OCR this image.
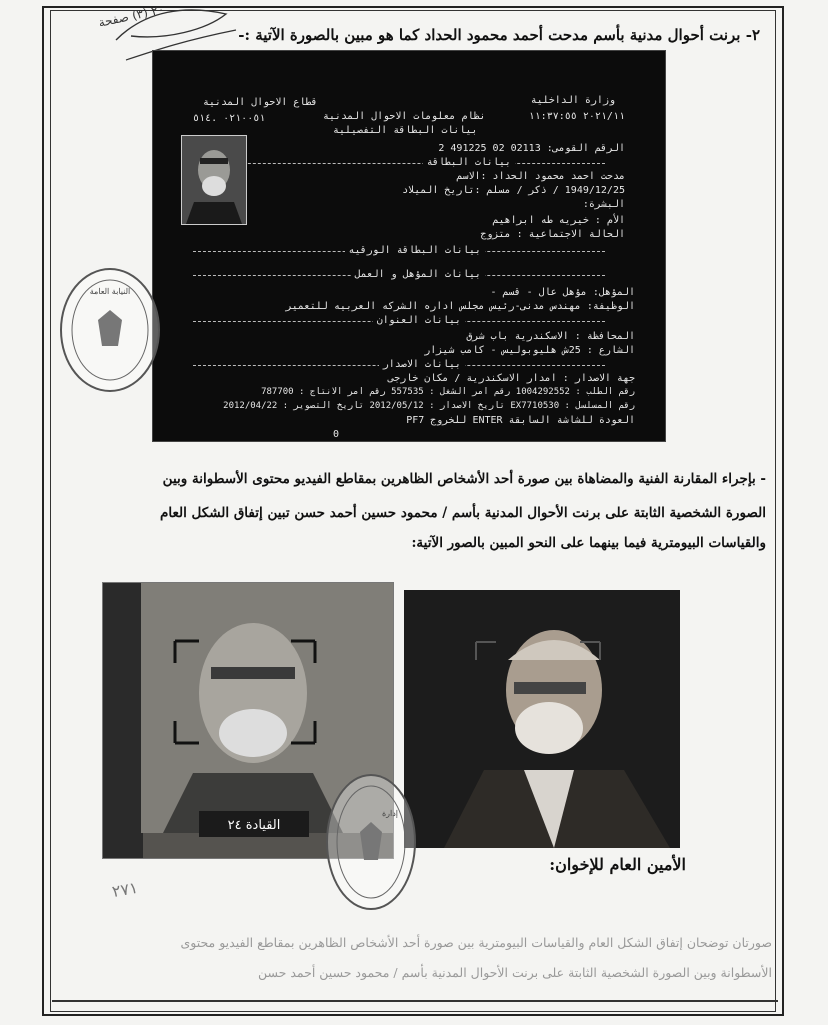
٢٠ (٣) صفحة
٢- برنت أحوال مدنية بأسم مدحت أحمد محمود الحداد كما هو مبين بالصورة الآتية :-
وزارة الداخلية
قطاع الاحوال المدنية
٢٠٢١/١١ ١١:٣٧:٥٥
نظام معلومات الاحوال المدنية
٠٢١٠٠٥١ .٥١٤
بيانات البطاقة التفصيلية
2 491225 02 02113 :الرقم القومى
بيانات البطاقة
مدحت احمد محمود الحداد :الاسم
1949/12/25 / ذكر / مسلم :تاريخ الميلاد
البشرة:
الأم : خيريه طه ابراهيم
الحالة الاجتماعية : متزوج
بيانات البطاقة الورقيه
بيانات المؤهل و العمل
المؤهل: مؤهل عال - قسم -
الوظيفة: مهندس مدنى-رئيس مجلس اداره الشركه العربيه للتعمير
بيانات العنوان
المحافظة : الاسكندرية باب شرق
الشارع : 25ش هليوبوليس - كامب شيزار
بيانات الاصدار
جهة الاصدار : امدار الاسكندرية / مكان خارجى
رقم الطلب : 1004292552 رقم امر الشغل : 557535 رقم امر الانتاج : 787700
رقم المسلسل : EX7710530 تاريخ الاصدار : 2012/05/12 تاريخ التصوير : 2012/04/22
العودة للشاشة السابقة ENTER للخروج PF7
0
النيابة العامة
- بإجراء المقارنة الفنية والمضاهاة بين صورة أحد الأشخاص الظاهرين بمقاطع الفيديو محتوى الأسطوانة وبين
الصورة الشخصية الثابتة على برنت الأحوال المدنية بأسم / محمود حسين أحمد حسن تبين إتفاق الشكل العام
والقياسات البيومترية فيما بينهما على النحو المبين بالصور الآتية:
القيادة ٢٤
الأمين العام للإخوان:
إدارة
٢٧١
صورتان توضحان إتفاق الشكل العام والقياسات البيومترية بين صورة أحد الأشخاص الظاهرين بمقاطع الفيديو محتوى
الأسطوانة وبين الصورة الشخصية الثابتة على برنت الأحوال المدنية بأسم / محمود حسين أحمد حسن
